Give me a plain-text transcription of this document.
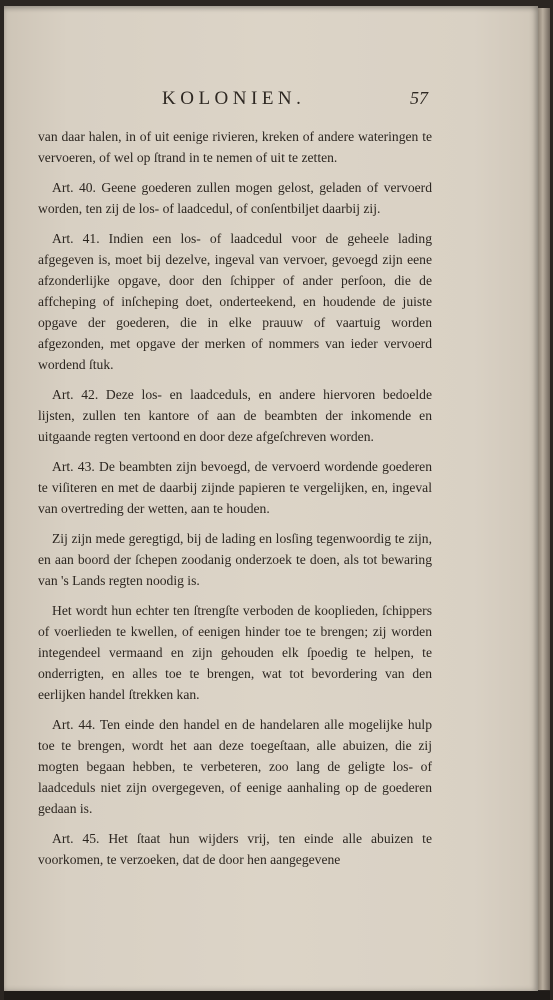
KOLONIEN.	57

van daar halen, in of uit eenige rivieren, kreken of andere wateringen te vervoeren, of wel op ſtrand in te nemen of uit te zetten.

Art. 40. Geene goederen zullen mogen gelost, geladen of vervoerd worden, ten zij de los- of laadcedul, of conſentbiljet daarbij zij.

Art. 41. Indien een los- of laadcedul voor de geheele lading afgegeven is, moet bij dezelve, ingeval van vervoer, gevoegd zijn eene afzonderlijke opgave, door den ſchipper of ander perſoon, die de affcheping of inſcheping doet, onderteekend, en houdende de juiste opgave der goederen, die in elke prauuw of vaartuig worden afgezonden, met opgave der merken of nommers van ieder vervoerd wordend ſtuk.

Art. 42. Deze los- en laadceduls, en andere hiervoren bedoelde lijsten, zullen ten kantore of aan de beambten der inkomende en uitgaande regten vertoond en door deze afgeſchreven worden.

Art. 43. De beambten zijn bevoegd, de vervoerd wordende goederen te viſiteren en met de daarbij zijnde papieren te vergelijken, en, ingeval van overtreding der wetten, aan te houden.

Zij zijn mede geregtigd, bij de lading en losſing tegenwoordig te zijn, en aan boord der ſchepen zoodanig onderzoek te doen, als tot bewaring van 's Lands regten noodig is.

Het wordt hun echter ten ſtrengſte verboden de kooplieden, ſchippers of voerlieden te kwellen, of eenigen hinder toe te brengen; zij worden integendeel vermaand en zijn gehouden elk ſpoedig te helpen, te onderrigten, en alles toe te brengen, wat tot bevordering van den eerlijken handel ſtrekken kan.

Art. 44. Ten einde den handel en de handelaren alle mogelijke hulp toe te brengen, wordt het aan deze toegeſtaan, alle abuizen, die zij mogten begaan hebben, te verbeteren, zoo lang de geligte los- of laadceduls niet zijn overgegeven, of eenige aanhaling op de goederen gedaan is.

Art. 45. Het ſtaat hun wijders vrij, ten einde alle abuizen te voorkomen, te verzoeken, dat de door hen aangegevene
